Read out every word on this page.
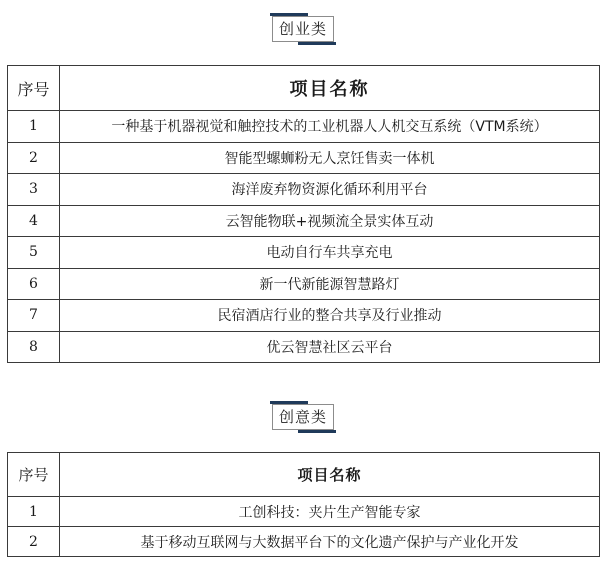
创业类
序号	项目名称
1	一种基于机器视觉和触控技术的工业机器人人机交互系统（VTM系统）
2	智能型螺蛳粉无人烹饪售卖一体机
3	海洋废弃物资源化循环利用平台
4	云智能物联+视频流全景实体互动
5	电动自行车共享充电
6	新一代新能源智慧路灯
7	民宿酒店行业的整合共享及行业推动
8	优云智慧社区云平台
创意类
序号	项目名称
1	工创科技：夹片生产智能专家
2	基于移动互联网与大数据平台下的文化遗产保护与产业化开发
